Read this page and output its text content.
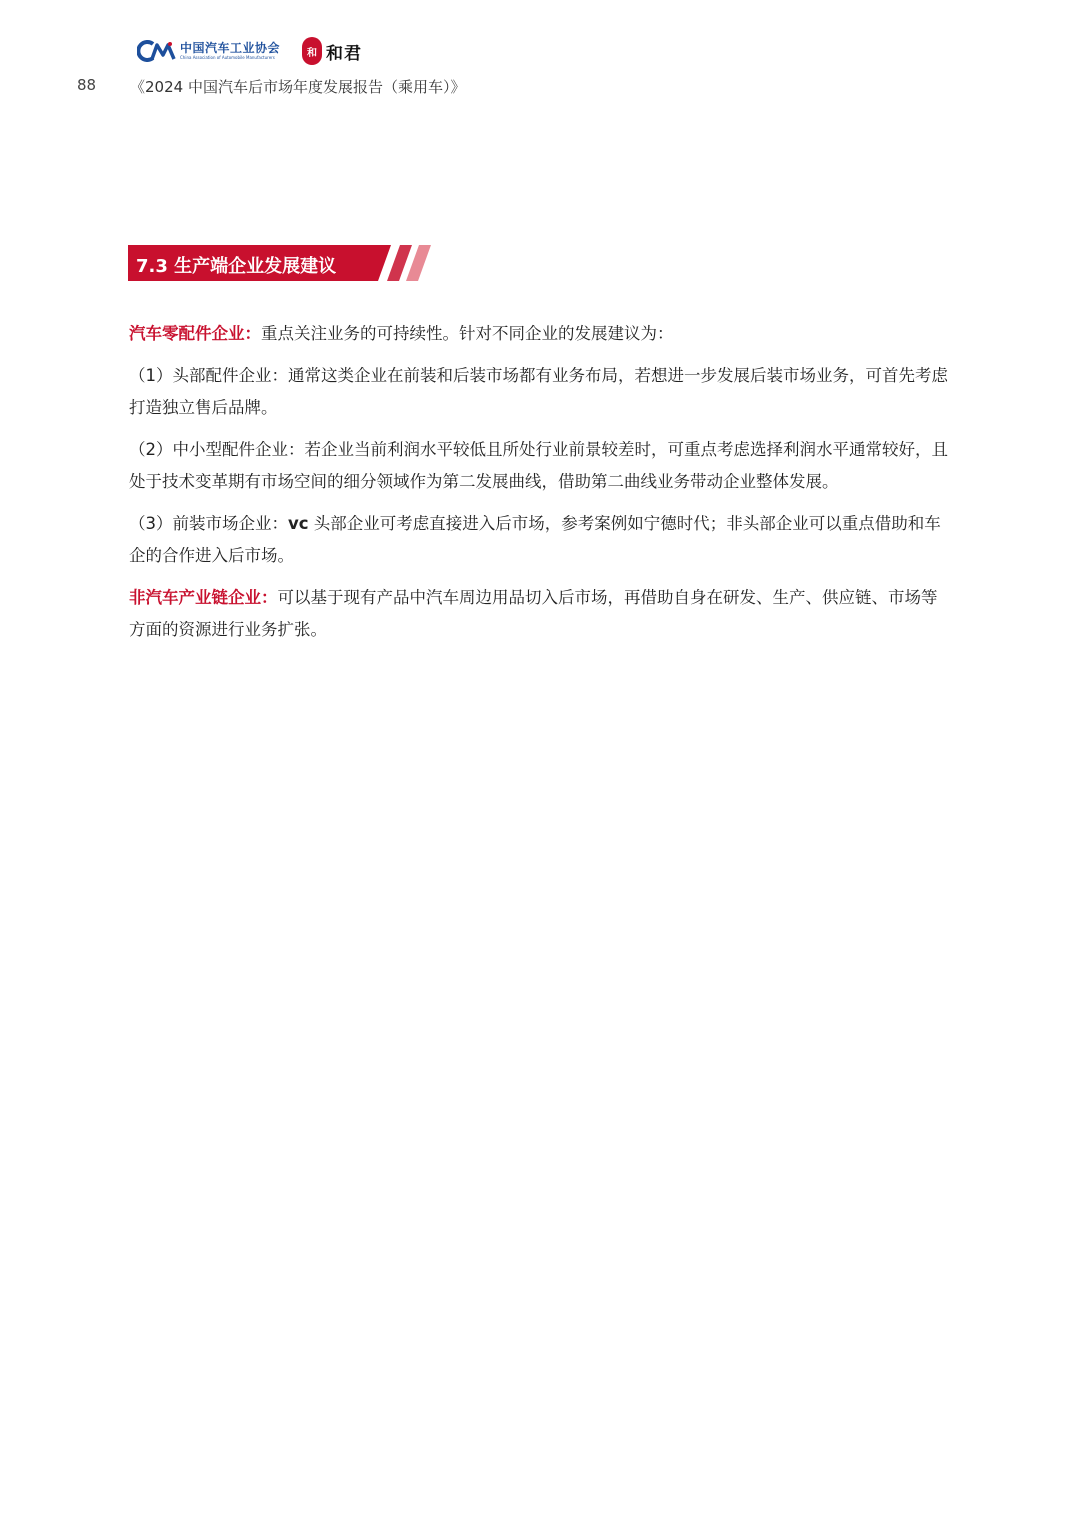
中国汽车工业协会
China Association of Automobile Manufacturers	和 和君
88 《2024 中国汽车后市场年度发展报告（乘用车）》
7.3 生产端企业发展建议

汽车零配件企业：重点关注业务的可持续性。针对不同企业的发展建议为：

（1）头部配件企业：通常这类企业在前装和后装市场都有业务布局，若想进一步发展后装市场业务，可首先考虑打造独立售后品牌。

（2）中小型配件企业：若企业当前利润水平较低且所处行业前景较差时，可重点考虑选择利润水平通常较好，且处于技术变革期有市场空间的细分领域作为第二发展曲线，借助第二曲线业务带动企业整体发展。

（3）前装市场企业：vc 头部企业可考虑直接进入后市场，参考案例如宁德时代；非头部企业可以重点借助和车企的合作进入后市场。

非汽车产业链企业：可以基于现有产品中汽车周边用品切入后市场，再借助自身在研发、生产、供应链、市场等方面的资源进行业务扩张。
